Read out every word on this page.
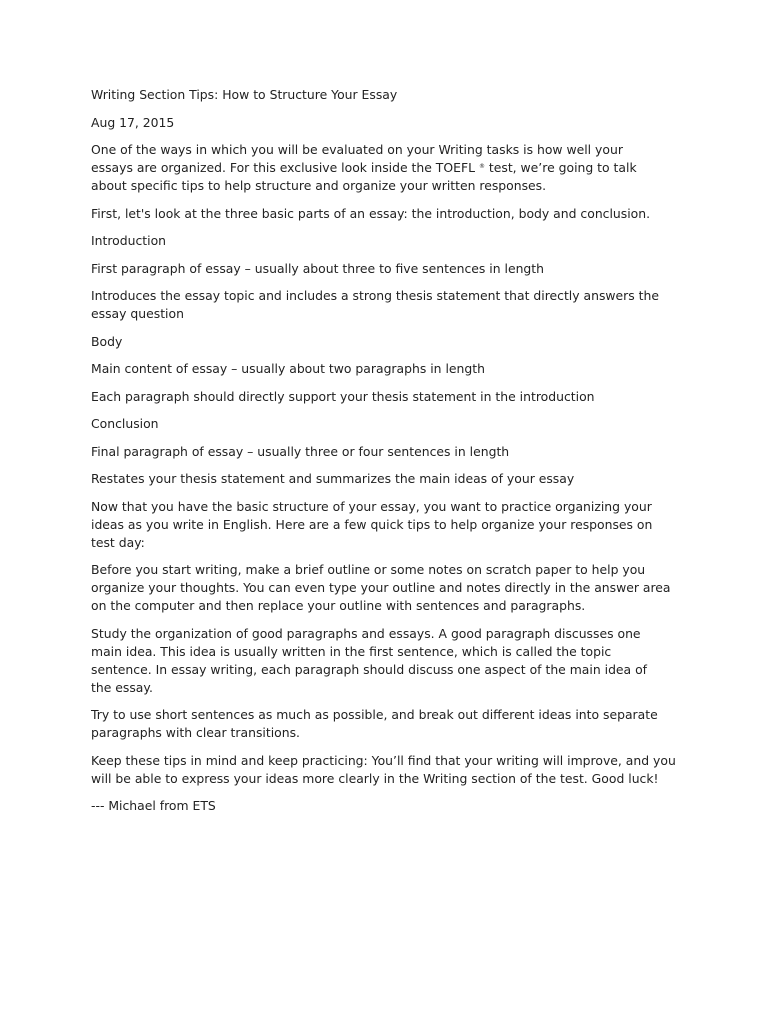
Writing Section Tips: How to Structure Your Essay

Aug 17, 2015

One of the ways in which you will be evaluated on your Writing tasks is how well your essays are organized. For this exclusive look inside the TOEFL ® test, we’re going to talk about specific tips to help structure and organize your written responses.

First, let's look at the three basic parts of an essay: the introduction, body and conclusion.

Introduction

First paragraph of essay – usually about three to five sentences in length

Introduces the essay topic and includes a strong thesis statement that directly answers the essay question

Body

Main content of essay – usually about two paragraphs in length

Each paragraph should directly support your thesis statement in the introduction

Conclusion

Final paragraph of essay – usually three or four sentences in length

Restates your thesis statement and summarizes the main ideas of your essay

Now that you have the basic structure of your essay, you want to practice organizing your ideas as you write in English. Here are a few quick tips to help organize your responses on test day:

Before you start writing, make a brief outline or some notes on scratch paper to help you organize your thoughts. You can even type your outline and notes directly in the answer area on the computer and then replace your outline with sentences and paragraphs.

Study the organization of good paragraphs and essays. A good paragraph discusses one main idea. This idea is usually written in the first sentence, which is called the topic sentence. In essay writing, each paragraph should discuss one aspect of the main idea of the essay.

Try to use short sentences as much as possible, and break out different ideas into separate paragraphs with clear transitions.

Keep these tips in mind and keep practicing: You’ll find that your writing will improve, and you will be able to express your ideas more clearly in the Writing section of the test. Good luck!

--- Michael from ETS
